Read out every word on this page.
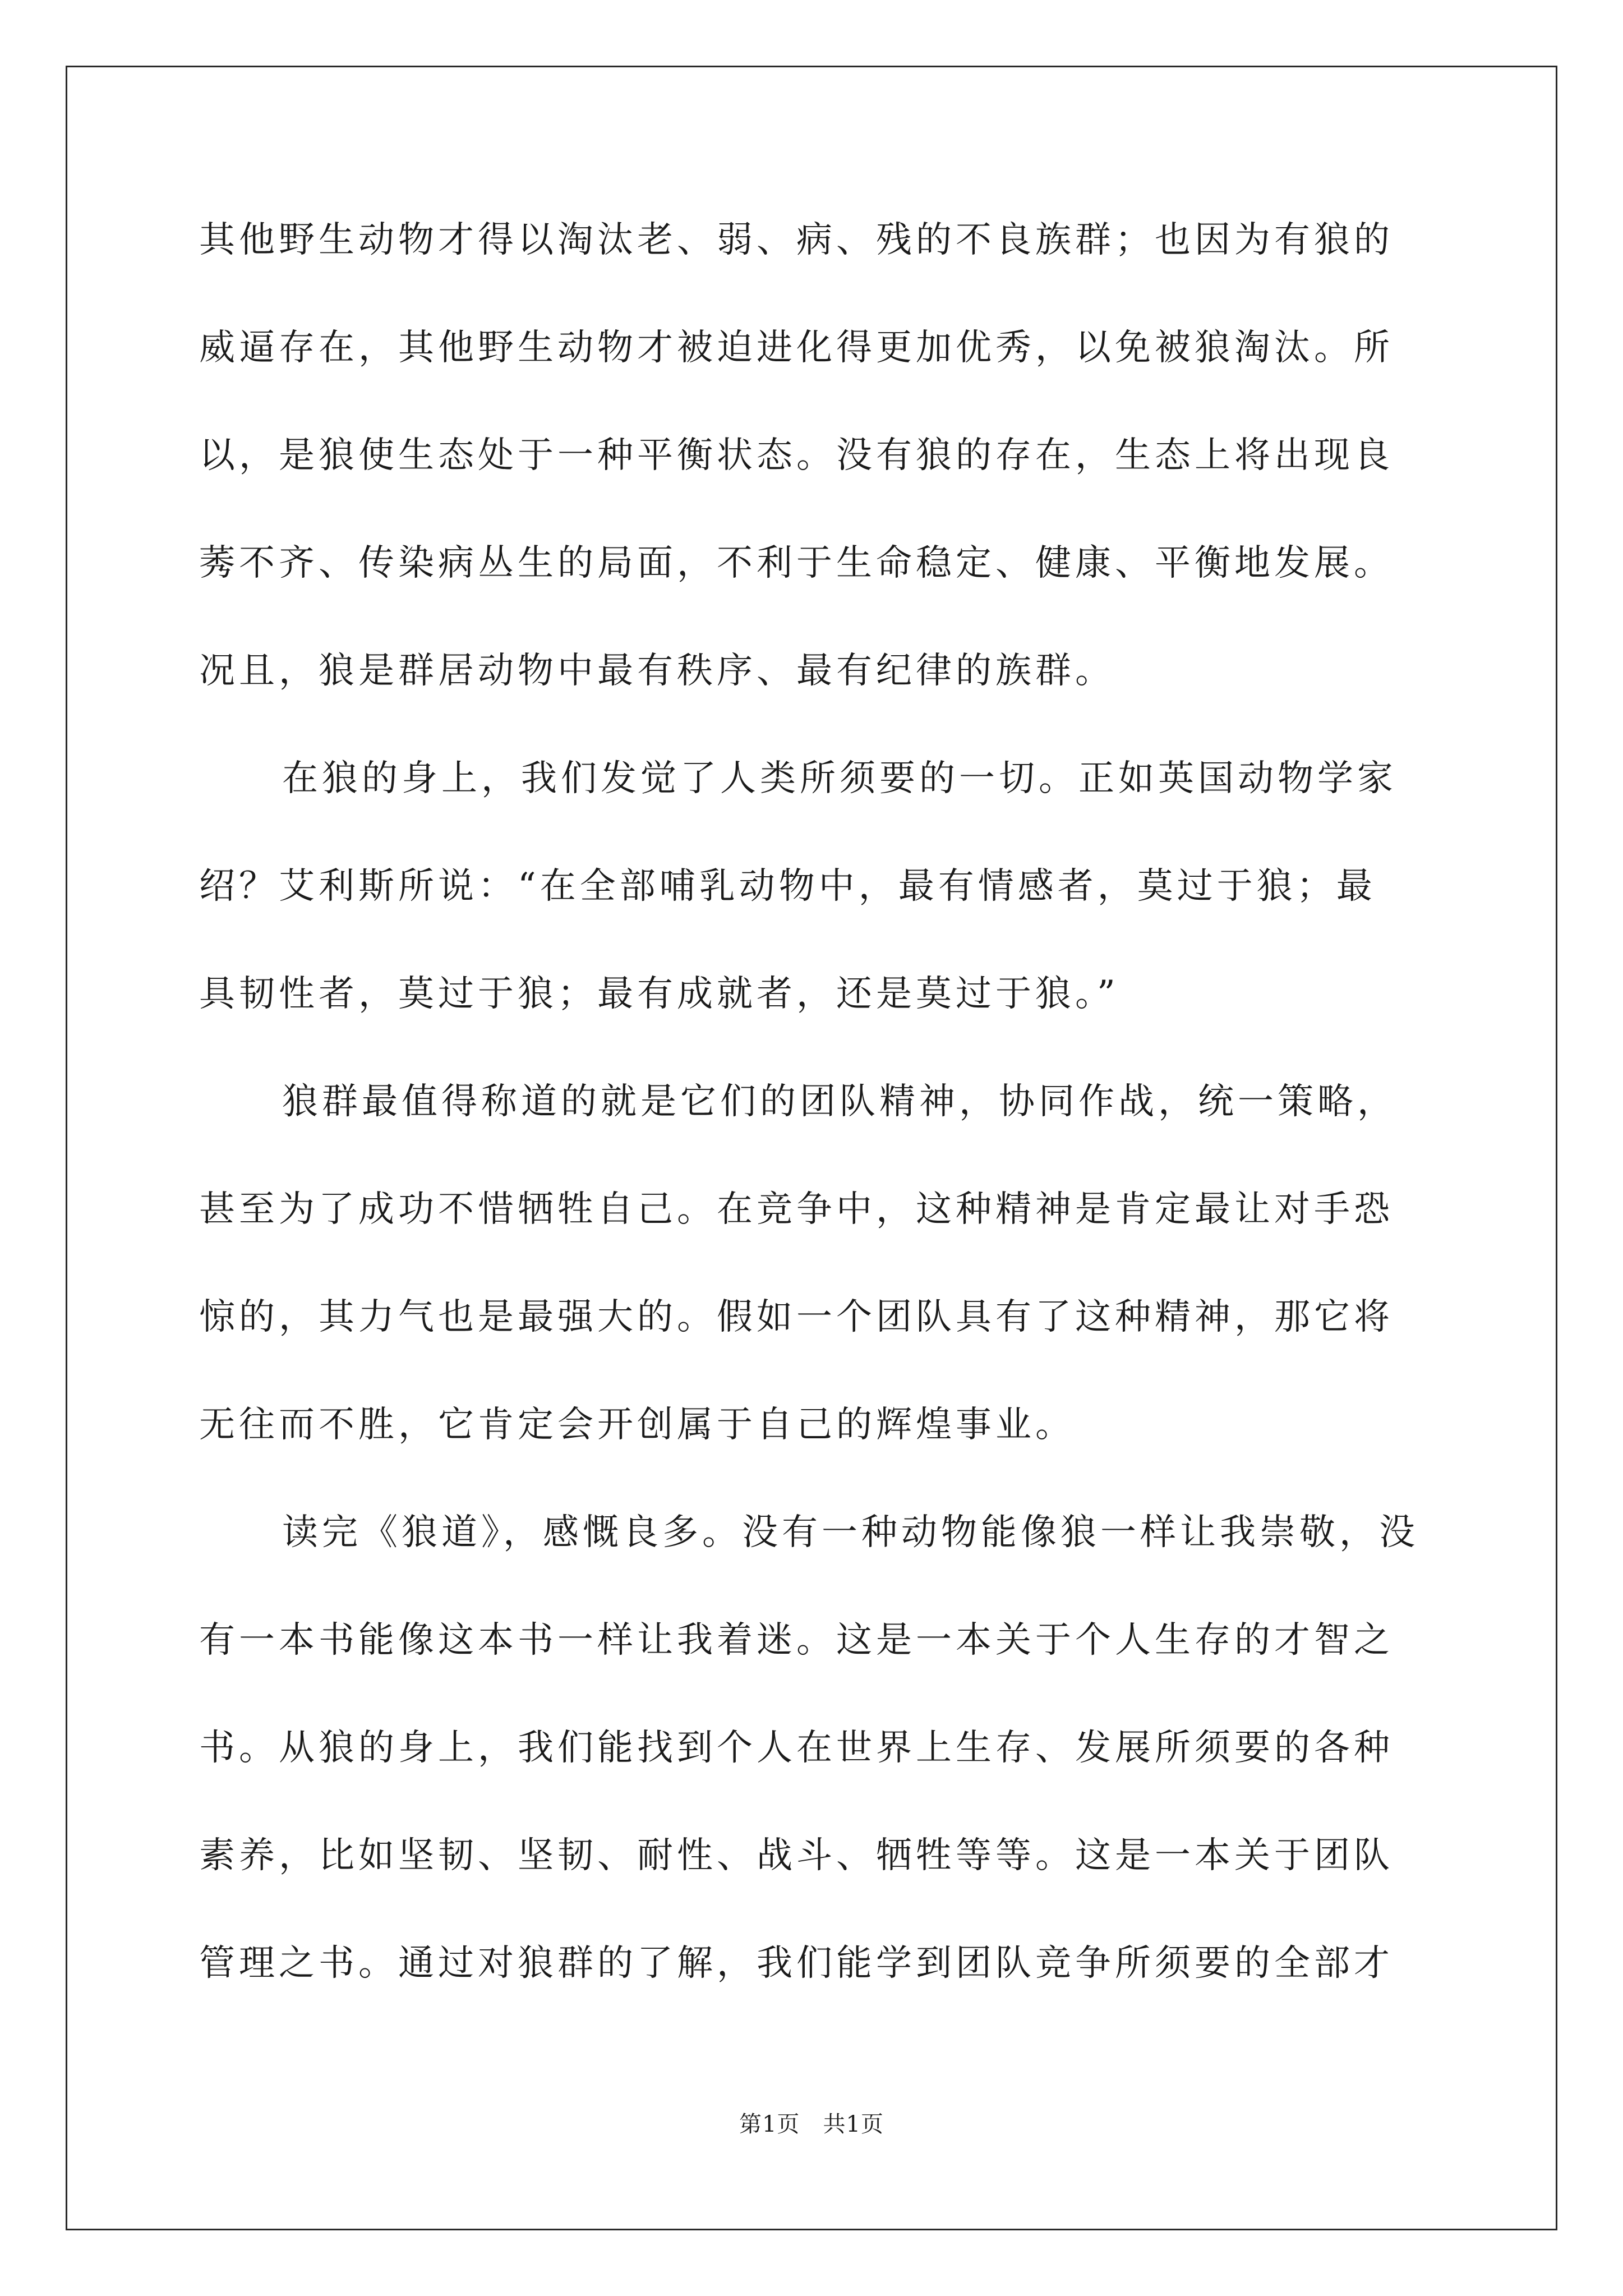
其他野生动物才得以淘汰老、弱、病、残的不良族群；也因为有狼的
威逼存在，其他野生动物才被迫进化得更加优秀，以免被狼淘汰。所
以，是狼使生态处于一种平衡状态。没有狼的存在，生态上将出现良
莠不齐、传染病丛生的局面，不利于生命稳定、健康、平衡地发展。
况且，狼是群居动物中最有秩序、最有纪律的族群。
在狼的身上，我们发觉了人类所须要的一切。正如英国动物学家
绍？艾利斯所说：“在全部哺乳动物中，最有情感者，莫过于狼；最
具韧性者，莫过于狼；最有成就者，还是莫过于狼。”
狼群最值得称道的就是它们的团队精神，协同作战，统一策略，
甚至为了成功不惜牺牲自己。在竞争中，这种精神是肯定最让对手恐
惊的，其力气也是最强大的。假如一个团队具有了这种精神，那它将
无往而不胜，它肯定会开创属于自己的辉煌事业。
读完《狼道》，感慨良多。没有一种动物能像狼一样让我崇敬，没
有一本书能像这本书一样让我着迷。这是一本关于个人生存的才智之
书。从狼的身上，我们能找到个人在世界上生存、发展所须要的各种
素养，比如坚韧、坚韧、耐性、战斗、牺牲等等。这是一本关于团队
管理之书。通过对狼群的了解，我们能学到团队竞争所须要的全部才
第1页   共1页
